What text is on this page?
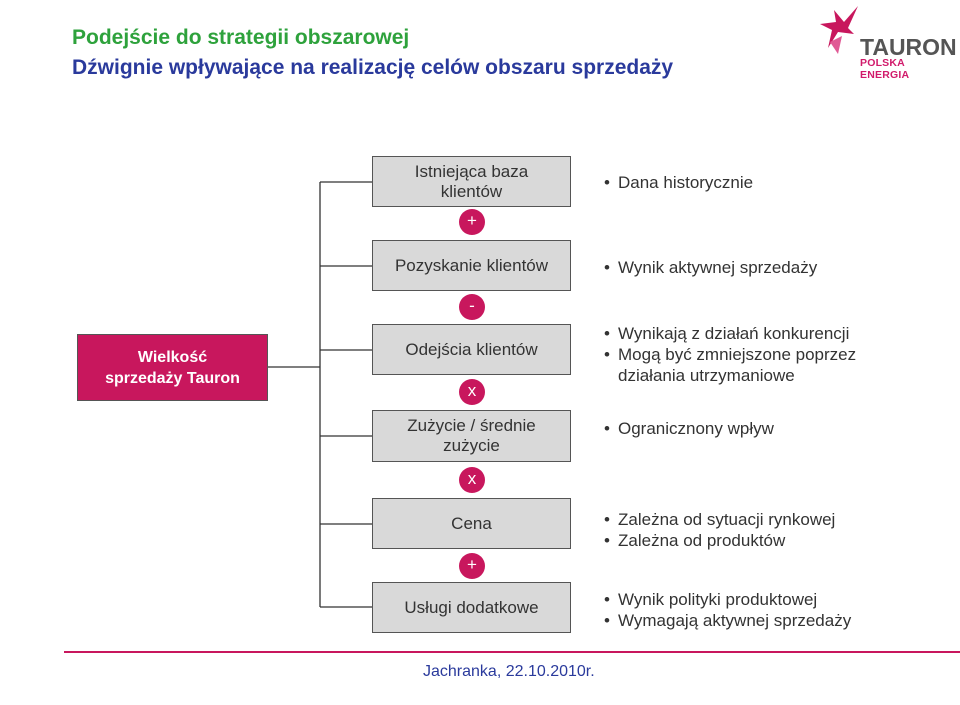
Podejście do strategii obszarowej
Dźwignie wpływające na realizację celów obszaru sprzedaży
TAURON
POLSKA ENERGIA
Wielkość
sprzedaży Tauron
Istniejąca baza
klientów
Pozyskanie klientów
Odejścia klientów
Zużycie / średnie
zużycie
Cena
Usługi dodatkowe
+
-
x
x
+
• Dana historycznie
• Wynik aktywnej sprzedaży
• Wynikają z działań konkurencji
• Mogą być zmniejszone poprzez
działania utrzymaniowe
• Ogranicznony wpływ
• Zależna od sytuacji rynkowej
• Zależna od produktów
• Wynik polityki produktowej
• Wymagają aktywnej sprzedaży
Jachranka, 22.10.2010r.
